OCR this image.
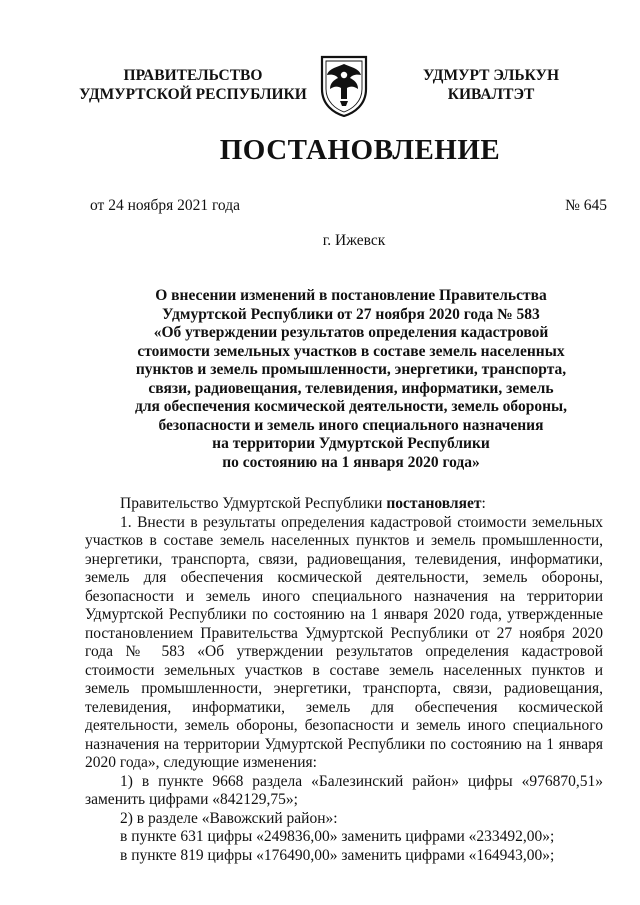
ПРАВИТЕЛЬСТВО
УДМУРТСКОЙ РЕСПУБЛИКИ
УДМУРТ ЭЛЬКУН
КИВАЛТЭТ
ПОСТАНОВЛЕНИЕ
от 24 ноября 2021 года	№ 645
г. Ижевск
О внесении изменений в постановление Правительства
Удмуртской Республики от 27 ноября 2020 года № 583
«Об утверждении результатов определения кадастровой
стоимости земельных участков в составе земель населенных
пунктов и земель промышленности, энергетики, транспорта,
связи, радиовещания, телевидения, информатики, земель
для обеспечения космической деятельности, земель обороны,
безопасности и земель иного специального назначения
на территории Удмуртской Республики
по состоянию на 1 января 2020 года»

Правительство Удмуртской Республики постановляет:

1. Внести в результаты определения кадастровой стоимости земельных участков в составе земель населенных пунктов и земель промышленности, энергетики, транспорта, связи, радиовещания, телевидения, информатики, земель для обеспечения космической деятельности, земель обороны, безопасности и земель иного специального назначения на территории Удмуртской Республики по состоянию на 1 января 2020 года, утвержденные постановлением Правительства Удмуртской Республики от 27 ноября 2020 года № 583 «Об утверждении результатов определения кадастровой стоимости земельных участков в составе земель населенных пунктов и земель промышленности, энергетики, транспорта, связи, радиовещания, телевидения, информатики, земель для обеспечения космической деятельности, земель обороны, безопасности и земель иного специального назначения на территории Удмуртской Республики по состоянию на 1 января 2020 года», следующие изменения:

1) в пункте 9668 раздела «Балезинский район» цифры «976870,51» заменить цифрами «842129,75»;

2) в разделе «Вавожский район»:

в пункте 631 цифры «249836,00» заменить цифрами «233492,00»;

в пункте 819 цифры «176490,00» заменить цифрами «164943,00»;
